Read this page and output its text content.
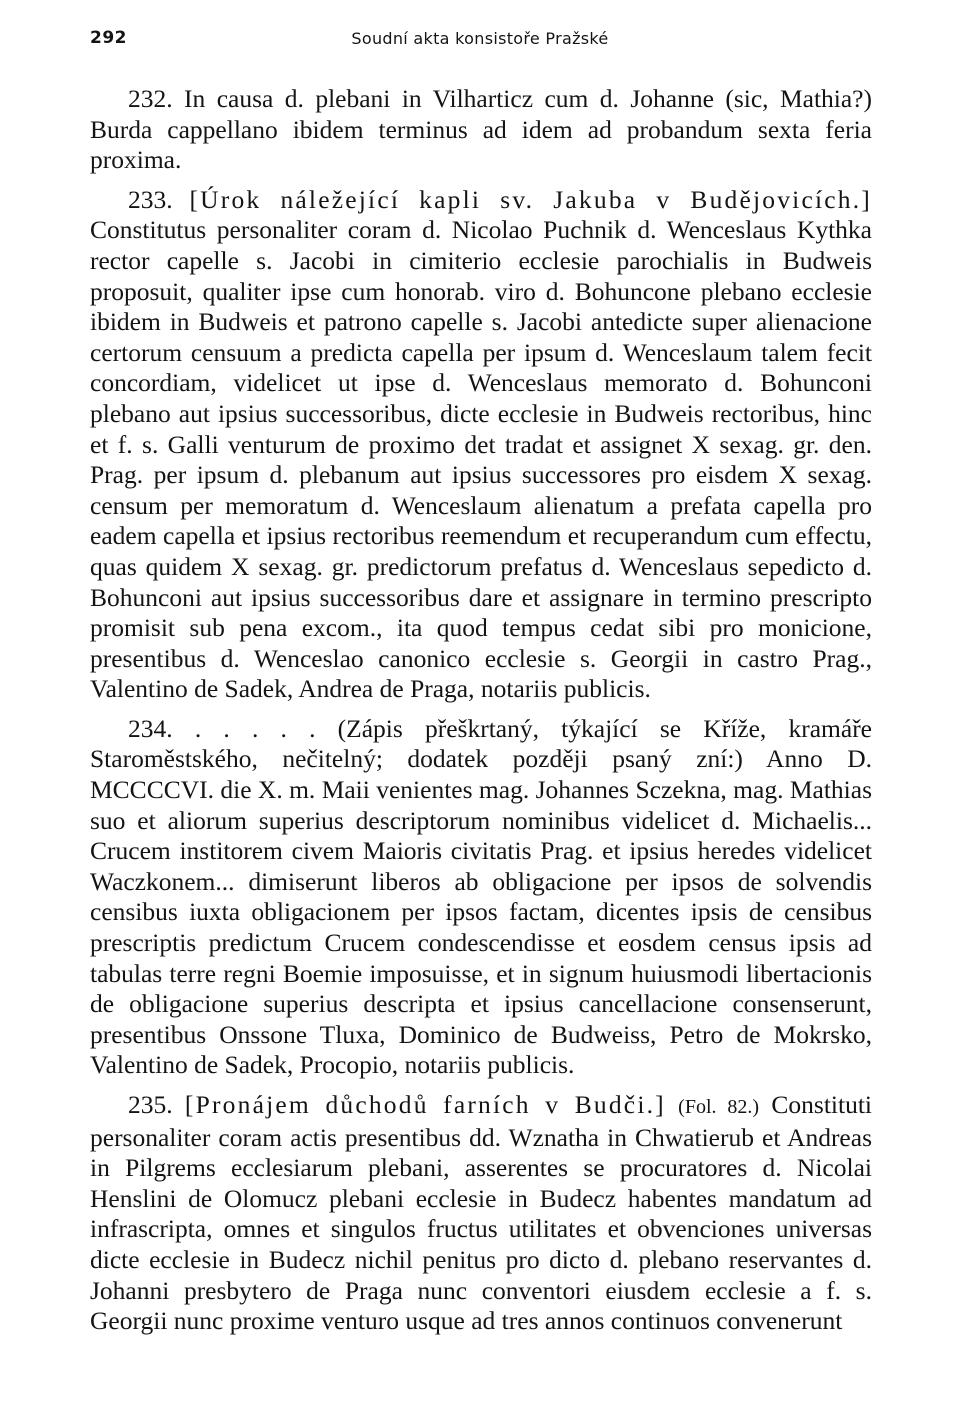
292	Soudní akta konsistoře Pražské

232. In causa d. plebani in Vilharticz cum d. Johanne (sic, Mathia?) Burda cappellano ibidem terminus ad idem ad probandum sexta feria proxima.

233. [Úrok náležející kapli sv. Jakuba v Budějovicích.] Constitutus personaliter coram d. Nicolao Puchnik d. Wenceslaus Kythka rector capelle s. Jacobi in cimiterio ecclesie parochialis in Budweis proposuit, qualiter ipse cum honorab. viro d. Bohuncone plebano ecclesie ibidem in Budweis et patrono capelle s. Jacobi antedicte super alienacione certorum censuum a predicta capella per ipsum d. Wenceslaum talem fecit concordiam, videlicet ut ipse d. Wenceslaus memorato d. Bohunconi plebano aut ipsius successoribus, dicte ecclesie in Budweis rectoribus, hinc et f. s. Galli venturum de proximo det tradat et assignet X sexag. gr. den. Prag. per ipsum d. plebanum aut ipsius successores pro eisdem X sexag. censum per memoratum d. Wenceslaum alienatum a prefata capella pro eadem capella et ipsius rectoribus reemendum et recuperandum cum effectu, quas quidem X sexag. gr. predictorum prefatus d. Wenceslaus sepedicto d. Bohunconi aut ipsius successoribus dare et assignare in termino prescripto promisit sub pena excom., ita quod tempus cedat sibi pro monicione, presentibus d. Wenceslao canonico ecclesie s. Georgii in castro Prag., Valentino de Sadek, Andrea de Praga, notariis publicis.

234. . . . . . (Zápis přeškrtaný, týkající se Kříže, kramáře Staroměstského, nečitelný; dodatek později psaný zní:) Anno D. MCCCCVI. die X. m. Maii venientes mag. Johannes Sczekna, mag. Mathias suo et aliorum superius descriptorum nominibus videlicet d. Michaelis... Crucem institorem civem Maioris civitatis Prag. et ipsius heredes videlicet Waczkonem... dimiserunt liberos ab obligacione per ipsos de solvendis censibus iuxta obligacionem per ipsos factam, dicentes ipsis de censibus prescriptis predictum Crucem condescendisse et eosdem census ipsis ad tabulas terre regni Boemie imposuisse, et in signum huiusmodi libertacionis de obligacione superius descripta et ipsius cancellacione consenserunt, presentibus Onssone Tluxa, Dominico de Budweiss, Petro de Mokrsko, Valentino de Sadek, Procopio, notariis publicis.

235. [Pronájem důchodů farních v Budči.] (Fol. 82.) Constituti personaliter coram actis presentibus dd. Wznatha in Chwatierub et Andreas in Pilgrems ecclesiarum plebani, asserentes se procuratores d. Nicolai Henslini de Olomucz plebani ecclesie in Budecz habentes mandatum ad infrascripta, omnes et singulos fructus utilitates et obvenciones universas dicte ecclesie in Budecz nichil penitus pro dicto d. plebano reservantes d. Johanni presbytero de Praga nunc conventori eiusdem ecclesie a f. s. Georgii nunc proxime venturo usque ad tres annos continuos convenerunt
